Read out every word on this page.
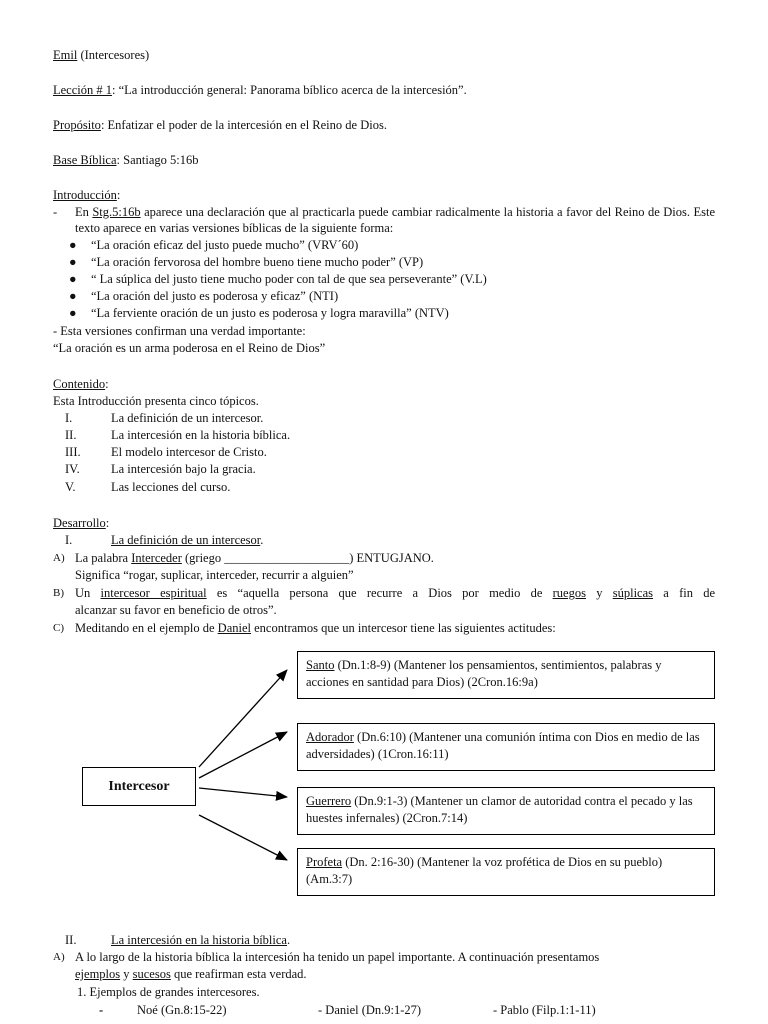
Emil (Intercesores)
Lección # 1: “La introducción general: Panorama bíblico acerca de la intercesión”.
Propósito: Enfatizar el poder de la intercesión en el Reino de Dios.
Base Bíblica: Santiago 5:16b
Introducción:
- En Stg.5:16b aparece una declaración que al practicarla puede cambiar radicalmente la historia a favor del Reino de Dios. Este texto aparece en varias versiones bíblicas de la siguiente forma:
● “La oración eficaz del justo puede mucho” (VRV´60)
● “La oración fervorosa del hombre bueno tiene mucho poder” (VP)
● “ La súplica del justo tiene mucho poder con tal de que sea perseverante” (V.L)
● “La oración del justo es poderosa y eficaz” (NTI)
● “La ferviente oración de un justo es poderosa y logra maravilla” (NTV)
- Esta versiones confirman una verdad importante:
“La oración es un arma poderosa en el Reino de Dios”
Contenido:
Esta Introducción presenta cinco tópicos.
I.	La definición de un intercesor.
II.	La intercesión en la historia bíblica.
III. El modelo intercesor de Cristo.
IV.	La intercesión bajo la gracia.
V.	Las lecciones del curso.
Desarrollo:
I.	La definición de un intercesor.
A) La palabra Interceder (griego ____________________) ENTUGJANO.
Significa “rogar, suplicar, interceder, recurrir a alguien”
B) Un intercesor espiritual es “aquella persona que recurre a Dios por medio de ruegos y súplicas a fin de
alcanzar su favor en beneficio de otros”.
C) Meditando en el ejemplo de Daniel encontramos que un intercesor tiene las siguientes actitudes:
Intercesor
Santo (Dn.1:8-9) (Mantener los pensamientos, sentimientos, palabras y acciones en santidad para Dios) (2Cron.16:9a)
Adorador (Dn.6:10) (Mantener una comunión íntima con Dios en medio de las adversidades) (1Cron.16:11)
Guerrero (Dn.9:1-3) (Mantener un clamor de autoridad contra el pecado y las huestes infernales) (2Cron.7:14)
Profeta (Dn. 2:16-30) (Mantener la voz profética de Dios en su pueblo) (Am.3:7)
II.	La intercesión en la historia bíblica.
A) A lo largo de la historia bíblica la intercesión ha tenido un papel importante. A continuación presentamos
ejemplos y sucesos que reafirman esta verdad.
1. Ejemplos de grandes intercesores.
-	Noé (Gn.8:15-22)	- Daniel (Dn.9:1-27)	- Pablo (Filp.1:1-11)
